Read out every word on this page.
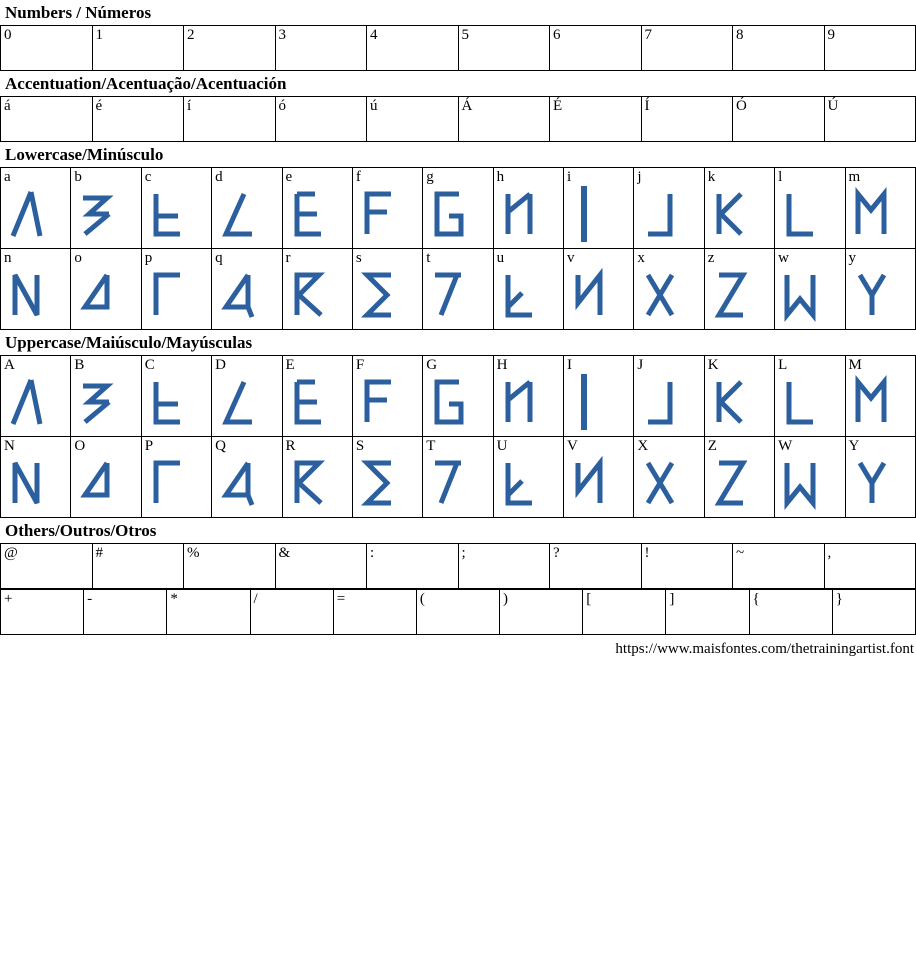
Numbers / Números
0	1	2	3	4	5	6	7	8	9
Accentuation/Acentuação/Acentuación
á	é	í	ó	ú	Á	É	Í	Ó	Ú
Lowercase/Minúsculo
a	b	c	d	e	f	g	h	i	j	k	l	m

n	o	p	q	r	s	t	u	v	x	z	w	y
Uppercase/Maiúsculo/Mayúsculas
A	B	C	D	E	F	G	H	I	J	K	L	M

N	O	P	Q	R	S	T	U	V	X	Z	W	Y
Others/Outros/Otros
@	#	%	&	:	;	?	!	~	,
+	-	*	/	=	(	)	[	]	{	}
https://www.maisfontes.com/thetrainingartist.font
